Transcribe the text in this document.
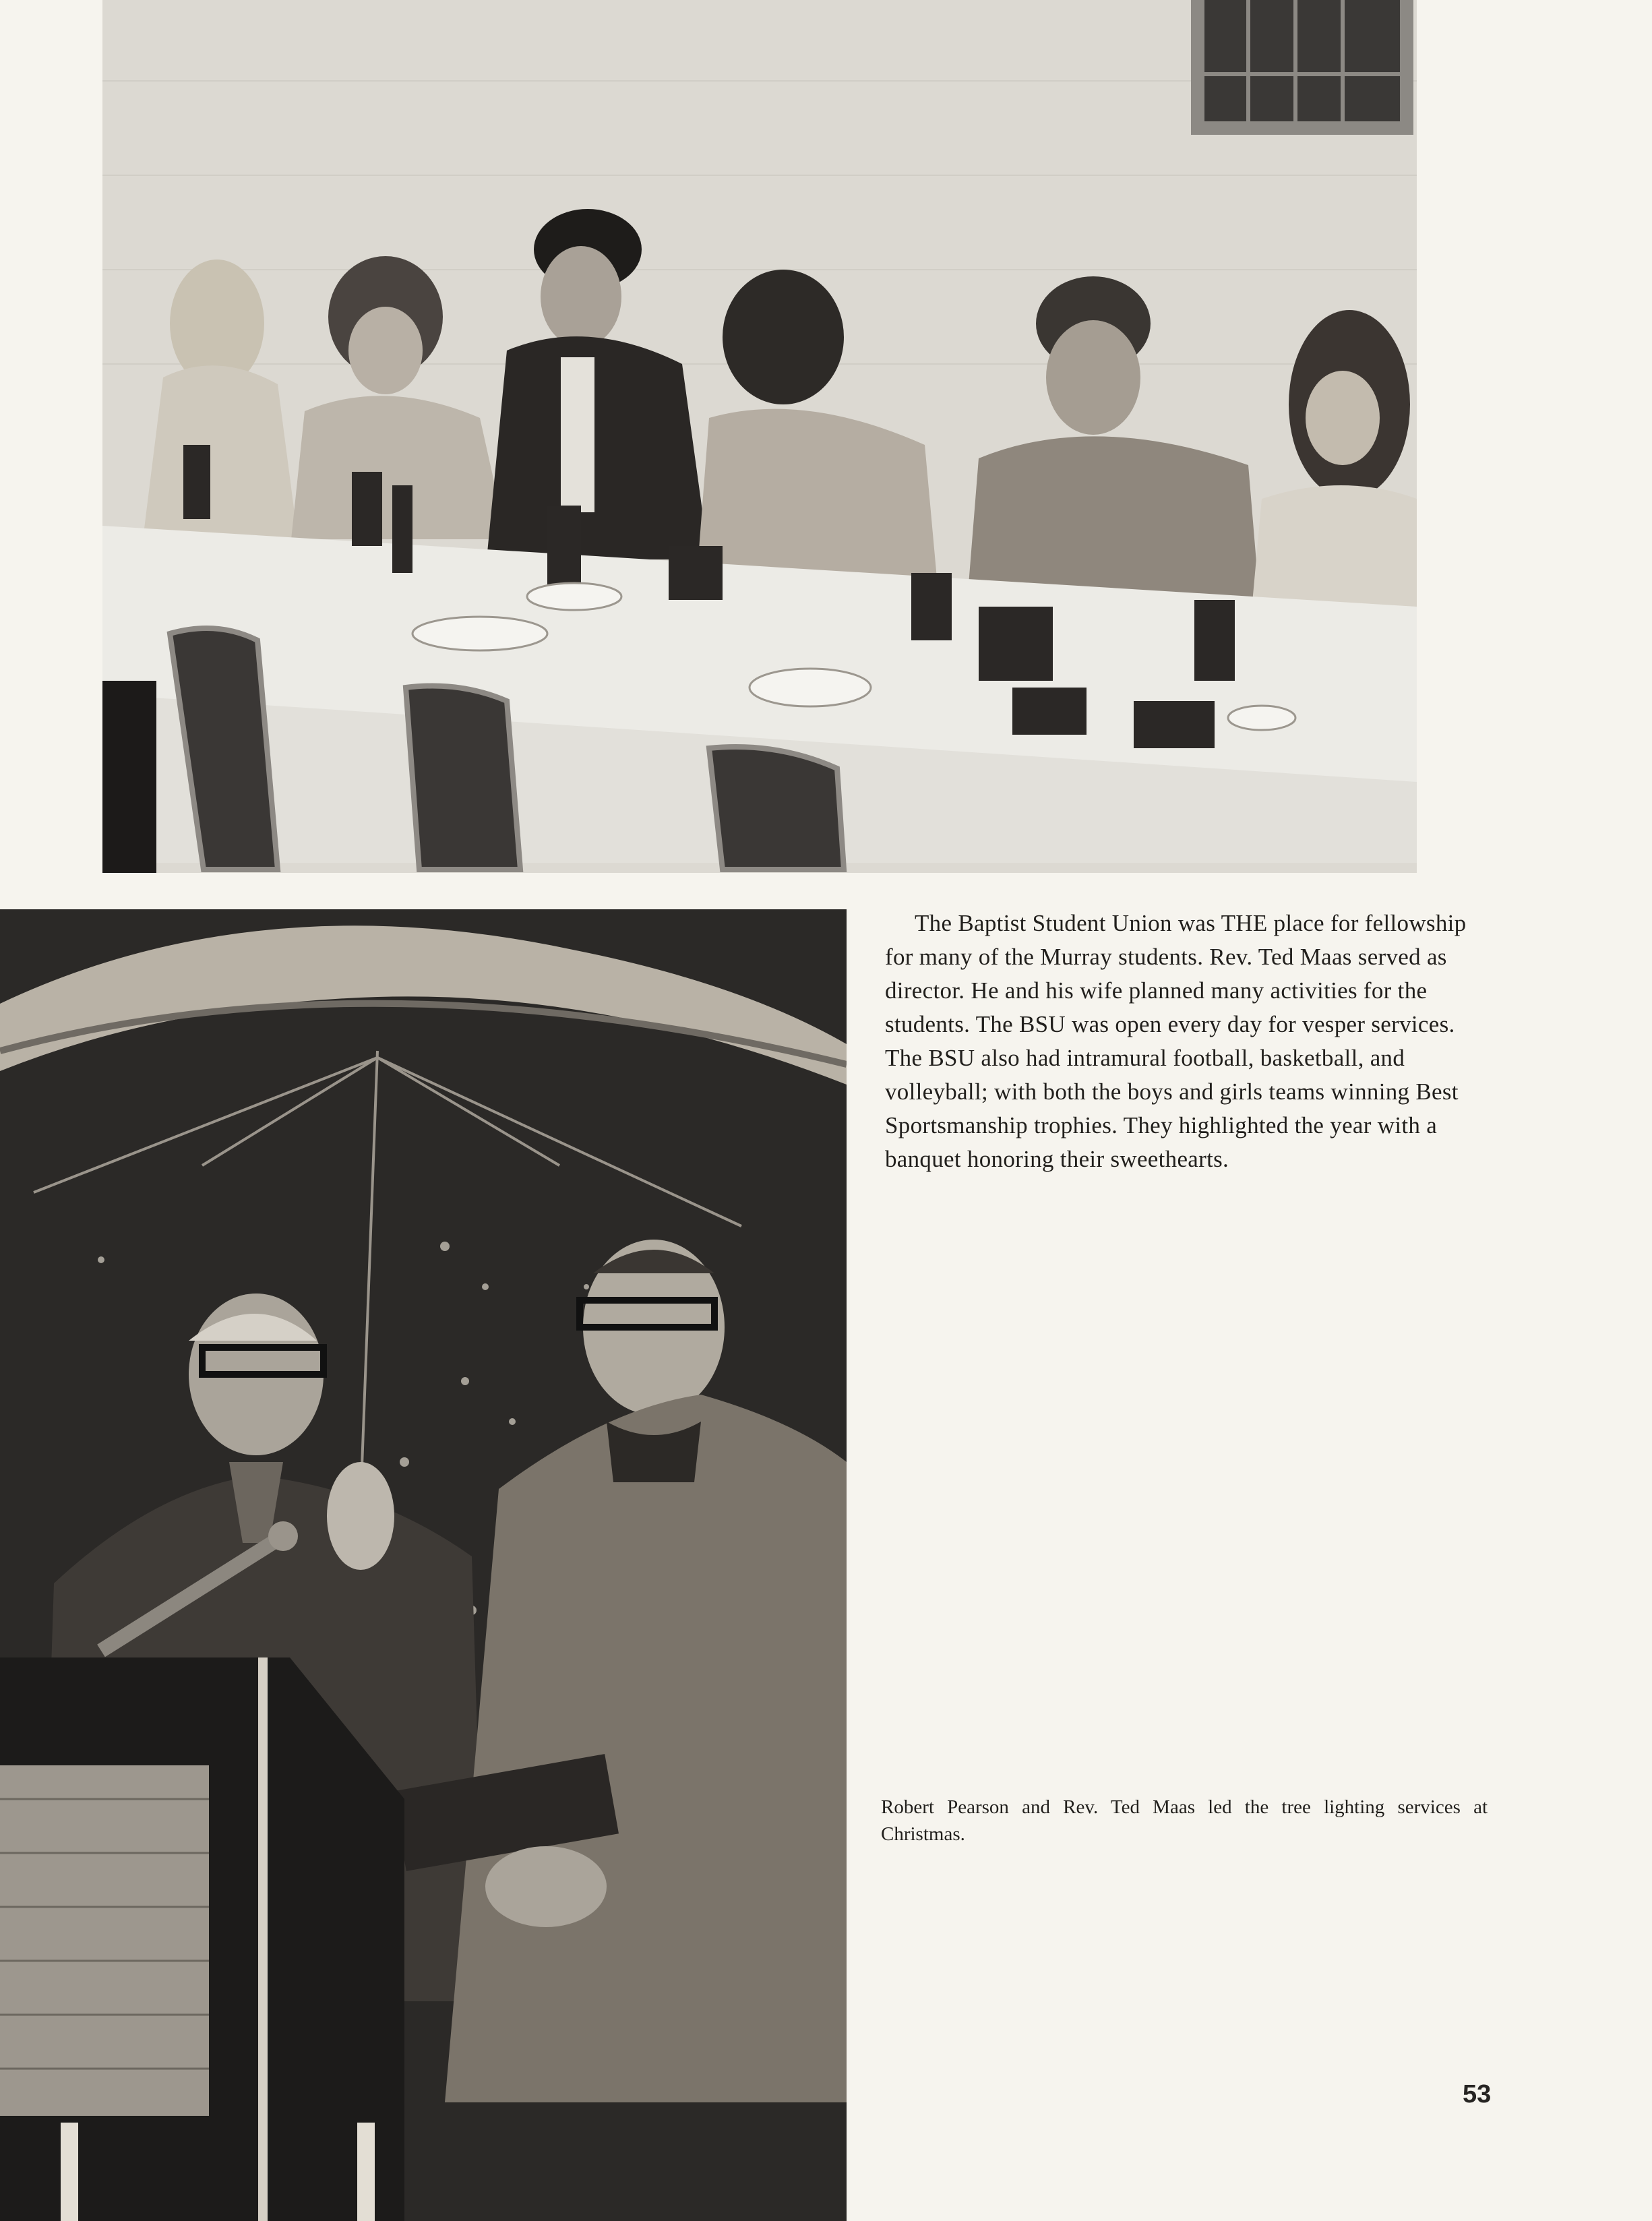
The Baptist Student Union was THE place for fellowship for many of the Murray students. Rev. Ted Maas served as director. He and his wife planned many activities for the students. The BSU was open every day for vesper services. The BSU also had intramural football, basketball, and volleyball; with both the boys and girls teams winning Best Sportsmanship trophies. They highlighted the year with a banquet honoring their sweethearts.

Robert Pearson and Rev. Ted Maas led the tree lighting services at Christmas.

53
